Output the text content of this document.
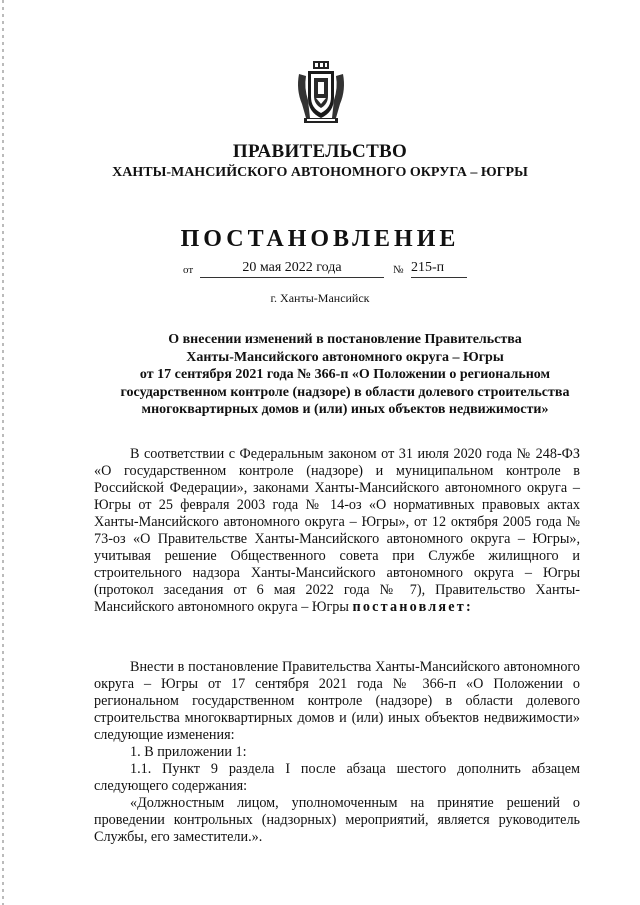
ПРАВИТЕЛЬСТВО
ХАНТЫ-МАНСИЙСКОГО АВТОНОМНОГО ОКРУГА – ЮГРЫ
ПОСТАНОВЛЕНИЕ
от	20 мая 2022 года	№ 215-п
г. Ханты-Мансийск
О внесении изменений в постановление Правительства
Ханты-Мансийского автономного округа – Югры
от 17 сентября 2021 года № 366-п «О Положении о региональном
государственном контроле (надзоре) в области долевого строительства
многоквартирных домов и (или) иных объектов недвижимости»

В соответствии с Федеральным законом от 31 июля 2020 года № 248-ФЗ «О государственном контроле (надзоре) и муниципальном контроле в Российской Федерации», законами Ханты-Мансийского автономного округа – Югры от 25 февраля 2003 года № 14-оз «О нормативных правовых актах Ханты-Мансийского автономного округа – Югры», от 12 октября 2005 года № 73-оз «О Правительстве Ханты-Мансийского автономного округа – Югры», учитывая решение Общественного совета при Службе жилищного и строительного надзора Ханты-Мансийского автономного округа – Югры (протокол заседания от 6 мая 2022 года № 7), Правительство Ханты-Мансийского автономного округа – Югры постановляет:

Внести в постановление Правительства Ханты-Мансийского автономного округа – Югры от 17 сентября 2021 года № 366-п «О Положении о региональном государственном контроле (надзоре) в области долевого строительства многоквартирных домов и (или) иных объектов недвижимости» следующие изменения:

1. В приложении 1:

1.1. Пункт 9 раздела I после абзаца шестого дополнить абзацем следующего содержания:

«Должностным лицом, уполномоченным на принятие решений о проведении контрольных (надзорных) мероприятий, является руководитель Службы, его заместители.».
